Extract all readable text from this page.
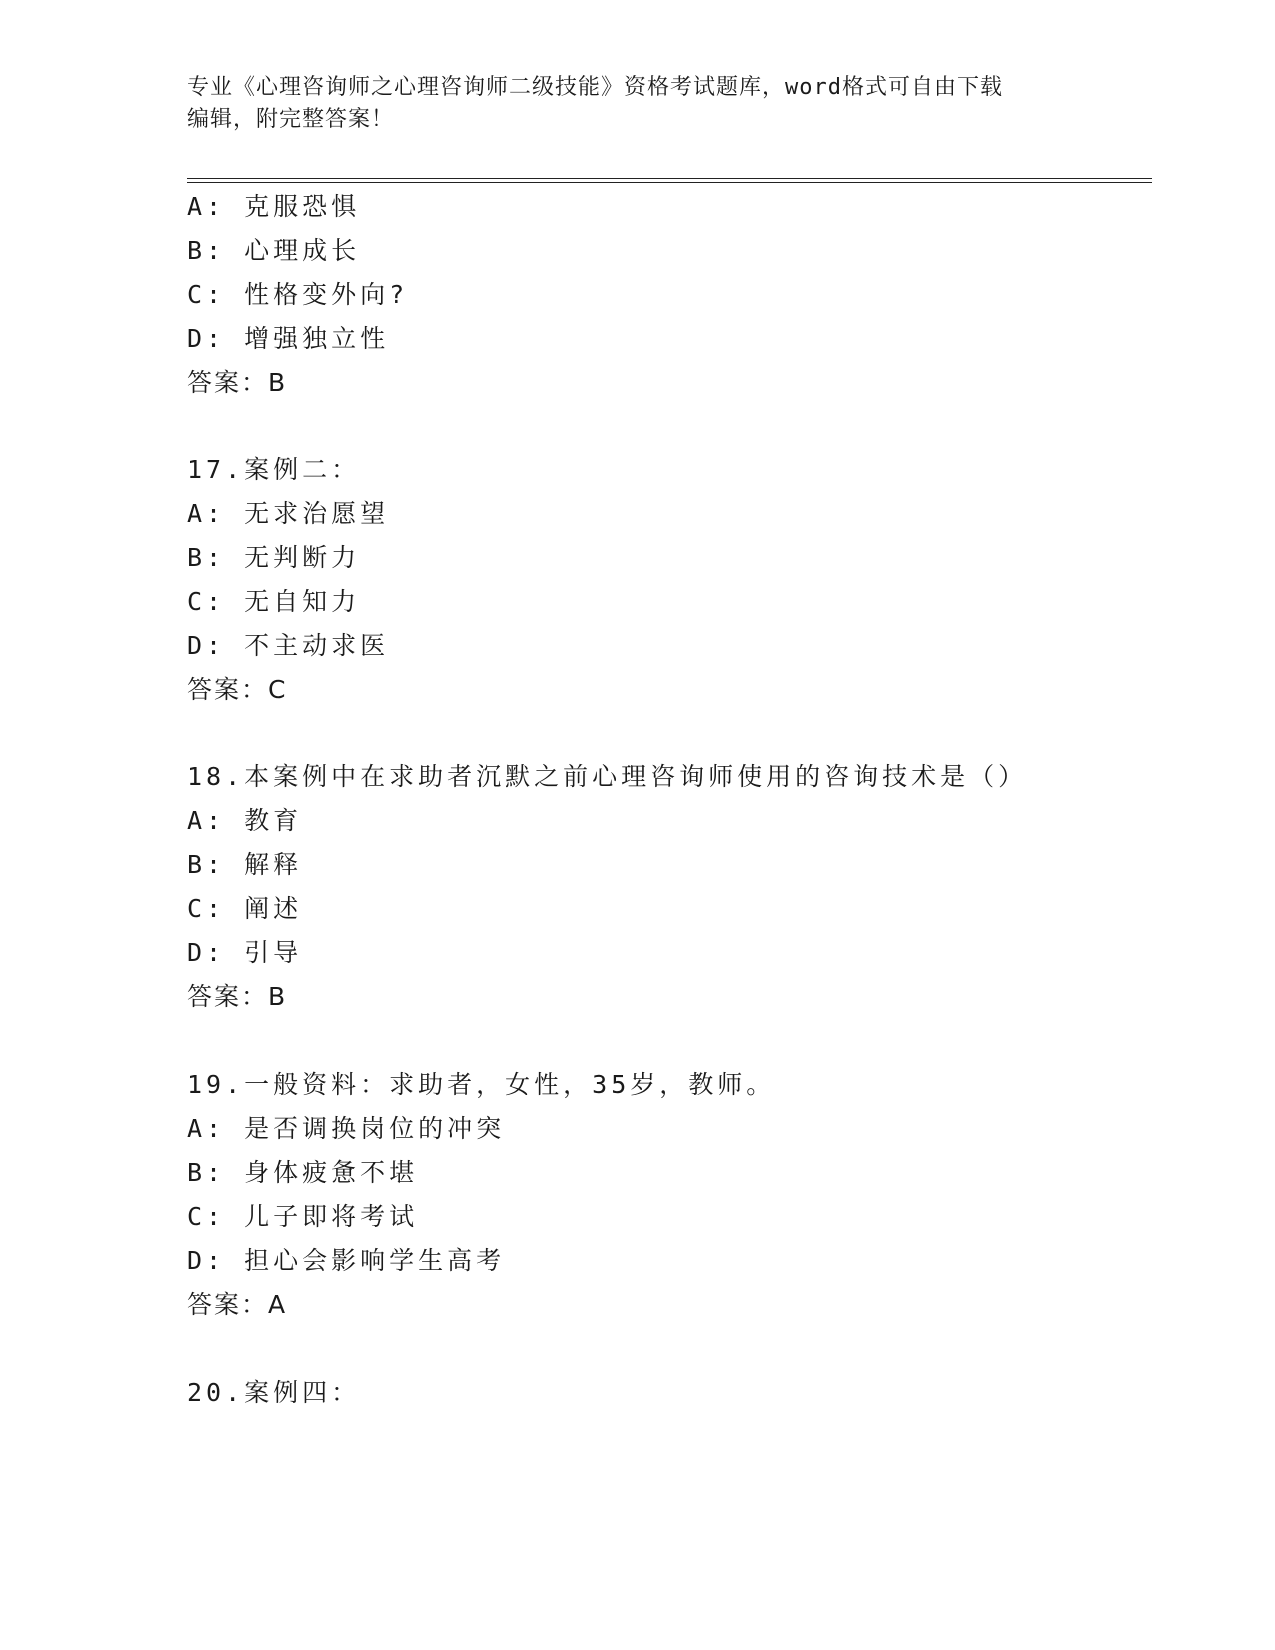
专业《心理咨询师之心理咨询师二级技能》资格考试题库，word格式可自由下载
编辑，附完整答案！
A: 克服恐惧
B: 心理成长
C: 性格变外向?
D: 增强独立性
答案：B
17.案例二：
A: 无求治愿望
B: 无判断力
C: 无自知力
D: 不主动求医
答案：C
18.本案例中在求助者沉默之前心理咨询师使用的咨询技术是（）
A: 教育
B: 解释
C: 阐述
D: 引导
答案：B
19.一般资料：求助者，女性，35岁，教师。
A: 是否调换岗位的冲突
B: 身体疲惫不堪
C: 儿子即将考试
D: 担心会影响学生高考
答案：A
20.案例四：
